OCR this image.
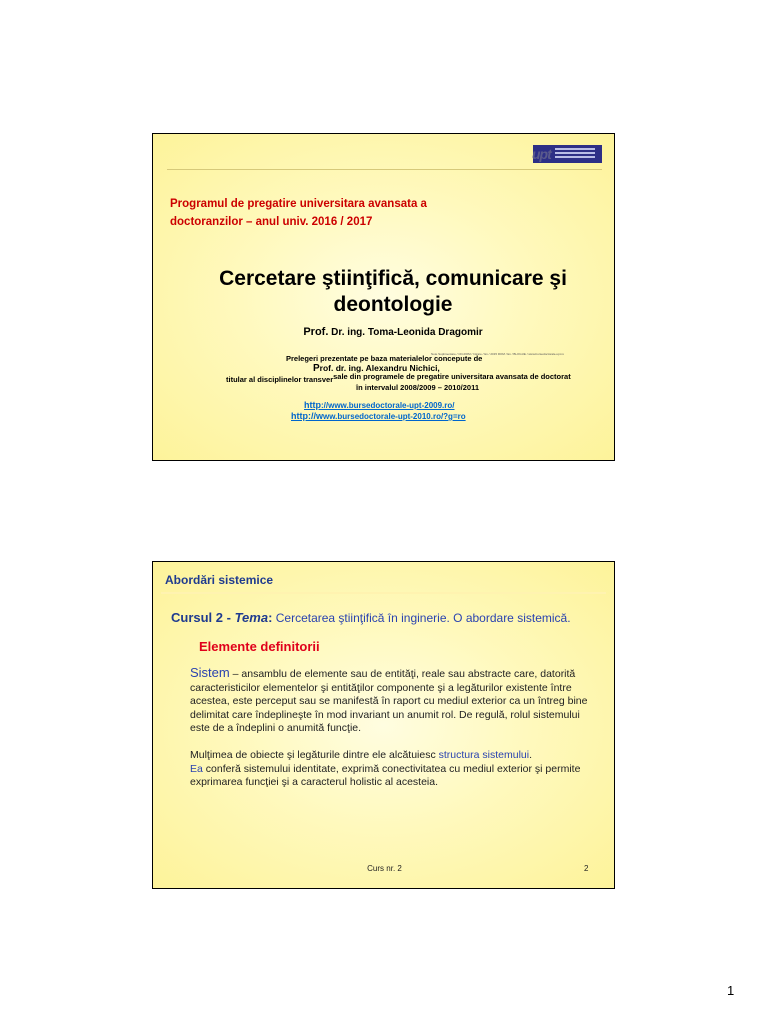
upt
Programul de pregatire universitara avansata a doctoranzilor – anul univ. 2016 / 2017
Cercetare ştiinţifică, comunicare şi deontologie
Prof. Dr. ing. Toma-Leonida Dragomir
Note Suplimentare / CD-ROM / Intrare / Ev / 2015 ROM / Ev / BLOGUE / www.bursedoctorale-upt.ro
Prelegeri prezentate pe baza materialelor concepute de
Prof. dr. ing. Alexandru Nichici,
titular al disciplinelor transversale din programele de pregatire universitara avansata de doctorat
în intervalul 2008/2009 – 2010/2011
http://www.bursedoctorale-upt-2009.ro/
http://www.bursedoctorale-upt-2010.ro/?g=ro
Abordări sistemice
Cursul 2 - Tema: Cercetarea ştiinţifică în inginerie. O abordare sistemică.
Elemente definitorii
Sistem – ansamblu de elemente sau de entităţi, reale sau abstracte care, datorită caracteristicilor elementelor şi entităţilor componente şi a legăturilor existente între acestea, este perceput sau se manifestă în raport cu mediul exterior ca un întreg bine delimitat care îndeplineşte în mod invariant un anumit rol. De regulă, rolul sistemului este de a îndeplini o anumită funcţie.
Mulţimea de obiecte şi legăturile dintre ele alcătuiesc structura sistemului.
Ea conferă sistemului identitate, exprimă conectivitatea cu mediul exterior şi permite exprimarea funcţiei şi a caracterul holistic al acesteia.
Curs nr. 2	2
1
